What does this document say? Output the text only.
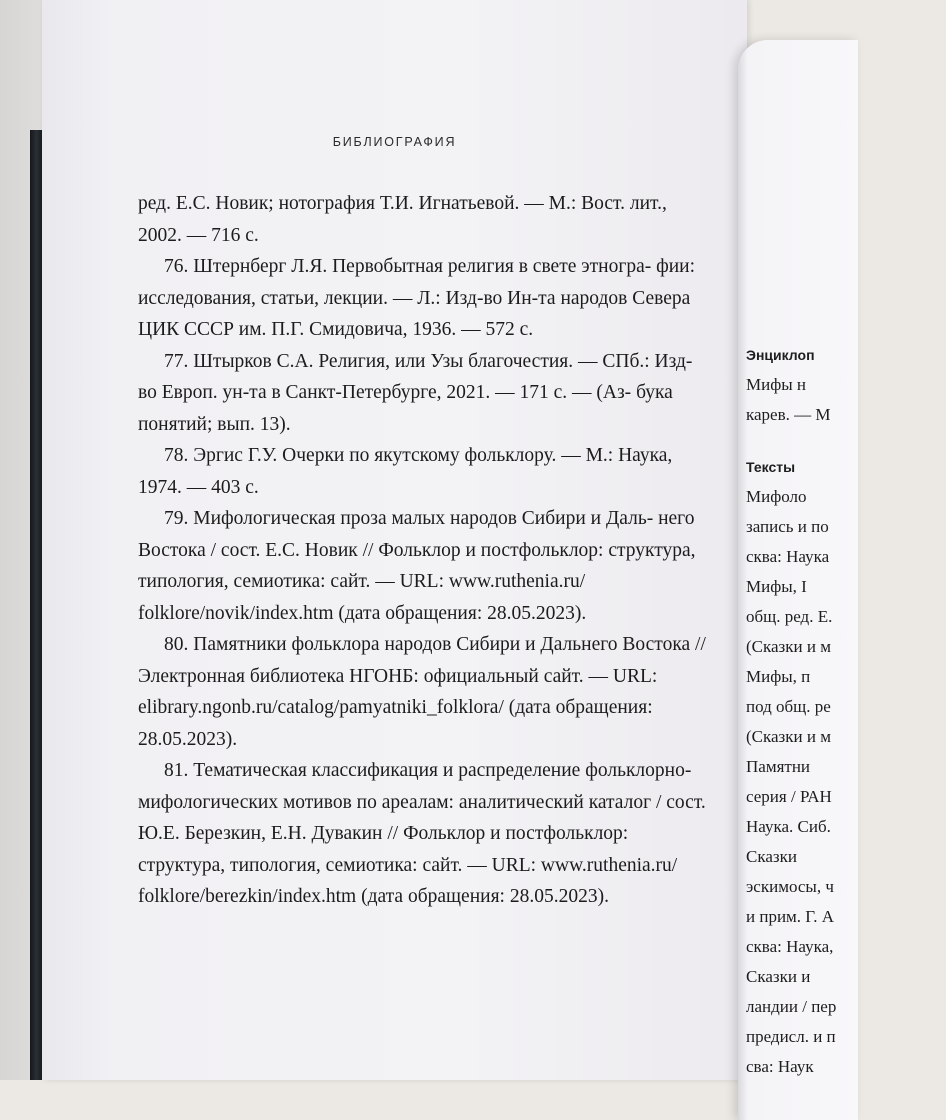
БИБЛИОГРАФИЯ

ред. Е.С. Новик; нотография Т.И. Игнатьевой. — М.: Вост. лит., 2002. — 716 с.

76. Штернберг Л.Я. Первобытная религия в свете этногра- фии: исследования, статьи, лекции. — Л.: Изд-во Ин-та народов Севера ЦИК СССР им. П.Г. Смидовича, 1936. — 572 с.

77. Штырков С.А. Религия, или Узы благочестия. — СПб.: Изд-во Европ. ун-та в Санкт-Петербурге, 2021. — 171 с. — (Аз- бука понятий; вып. 13).

78. Эргис Г.У. Очерки по якутскому фольклору. — М.: Наука, 1974. — 403 с.

79. Мифологическая проза малых народов Сибири и Даль- него Востока / сост. Е.С. Новик // Фольклор и постфольклор: структура, типология, семиотика: сайт. — URL: www.ruthenia.ru/ folklore/novik/index.htm (дата обращения: 28.05.2023).

80. Памятники фольклора народов Сибири и Дальнего Востока // Электронная библиотека НГОНБ: официальный сайт. — URL: elibrary.ngonb.ru/catalog/pamyatniki_folklora/ (дата обращения: 28.05.2023).

81. Тематическая классификация и распределение фольклорно- мифологических мотивов по ареалам: аналитический каталог / сост. Ю.Е. Березкин, Е.Н. Дувакин // Фольклор и постфольклор: структура, типология, семиотика: сайт. — URL: www.ruthenia.ru/ folklore/berezkin/index.htm (дата обращения: 28.05.2023).

Энциклоп
Мифы н
карев. — М
Тексты
Мифоло
запись и по
сква: Наука
Мифы, I
общ. ред. Е.
(Сказки и м
Мифы, п
под общ. ре
(Сказки и м
Памятни
серия / РАН
Наука. Сиб.
Сказки
эскимосы, ч
и прим. Г. А
сква: Наука,
Сказки и
ландии / пер
предисл. и п
сва: Наук
